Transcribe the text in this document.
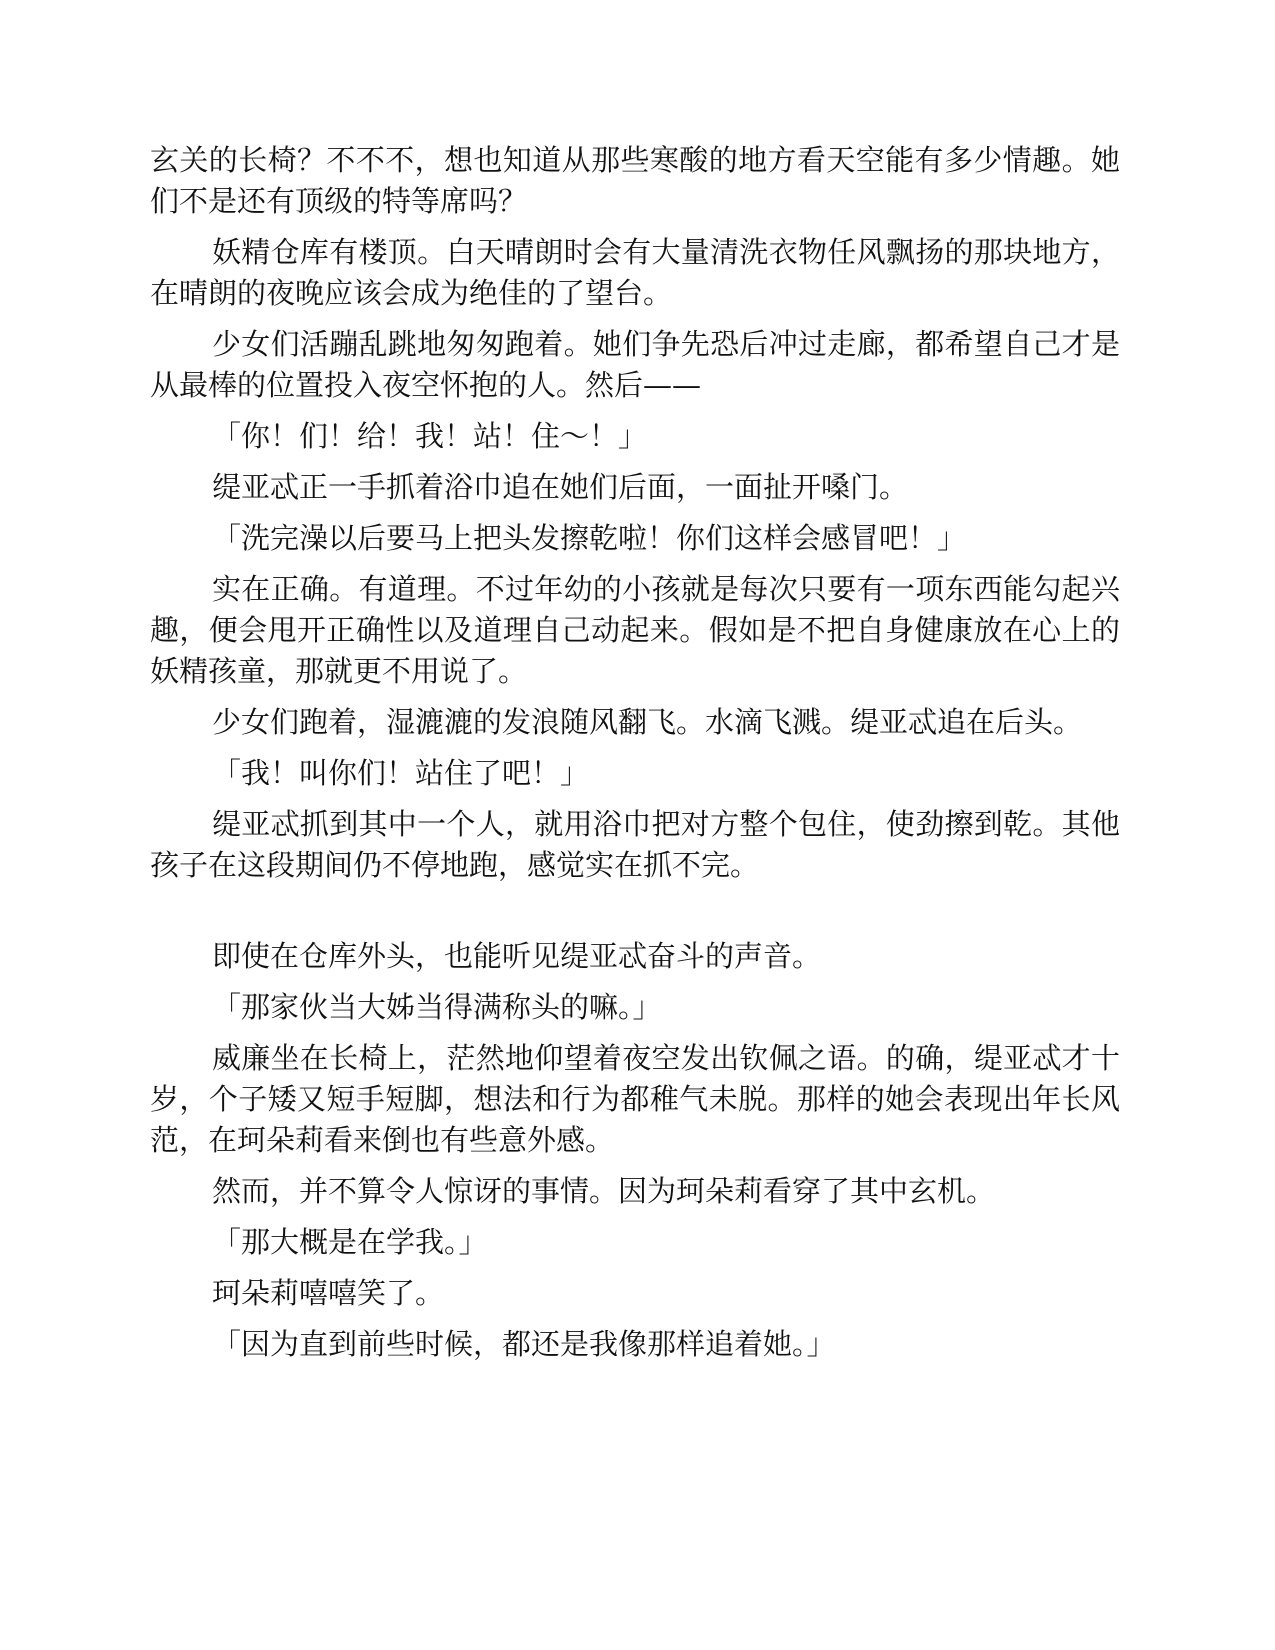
玄关的长椅？不不不，想也知道从那些寒酸的地方看天空能有多少情趣。她们不是还有顶级的特等席吗？

妖精仓库有楼顶。白天晴朗时会有大量清洗衣物任风飘扬的那块地方，在晴朗的夜晚应该会成为绝佳的了望台。

少女们活蹦乱跳地匆匆跑着。她们争先恐后冲过走廊，都希望自己才是从最棒的位置投入夜空怀抱的人。然后——

「你！们！给！我！站！住～！」

缇亚忒正一手抓着浴巾追在她们后面，一面扯开嗓门。

「洗完澡以后要马上把头发擦乾啦！你们这样会感冒吧！」

实在正确。有道理。不过年幼的小孩就是每次只要有一项东西能勾起兴趣，便会甩开正确性以及道理自己动起来。假如是不把自身健康放在心上的妖精孩童，那就更不用说了。

少女们跑着，湿漉漉的发浪随风翻飞。水滴飞溅。缇亚忒追在后头。

「我！叫你们！站住了吧！」

缇亚忒抓到其中一个人，就用浴巾把对方整个包住，使劲擦到乾。其他孩子在这段期间仍不停地跑，感觉实在抓不完。

即使在仓库外头，也能听见缇亚忒奋斗的声音。

「那家伙当大姊当得满称头的嘛。」

威廉坐在长椅上，茫然地仰望着夜空发出钦佩之语。的确，缇亚忒才十岁，个子矮又短手短脚，想法和行为都稚气未脱。那样的她会表现出年长风范，在珂朵莉看来倒也有些意外感。

然而，并不算令人惊讶的事情。因为珂朵莉看穿了其中玄机。

「那大概是在学我。」

珂朵莉嘻嘻笑了。

「因为直到前些时候，都还是我像那样追着她。」
